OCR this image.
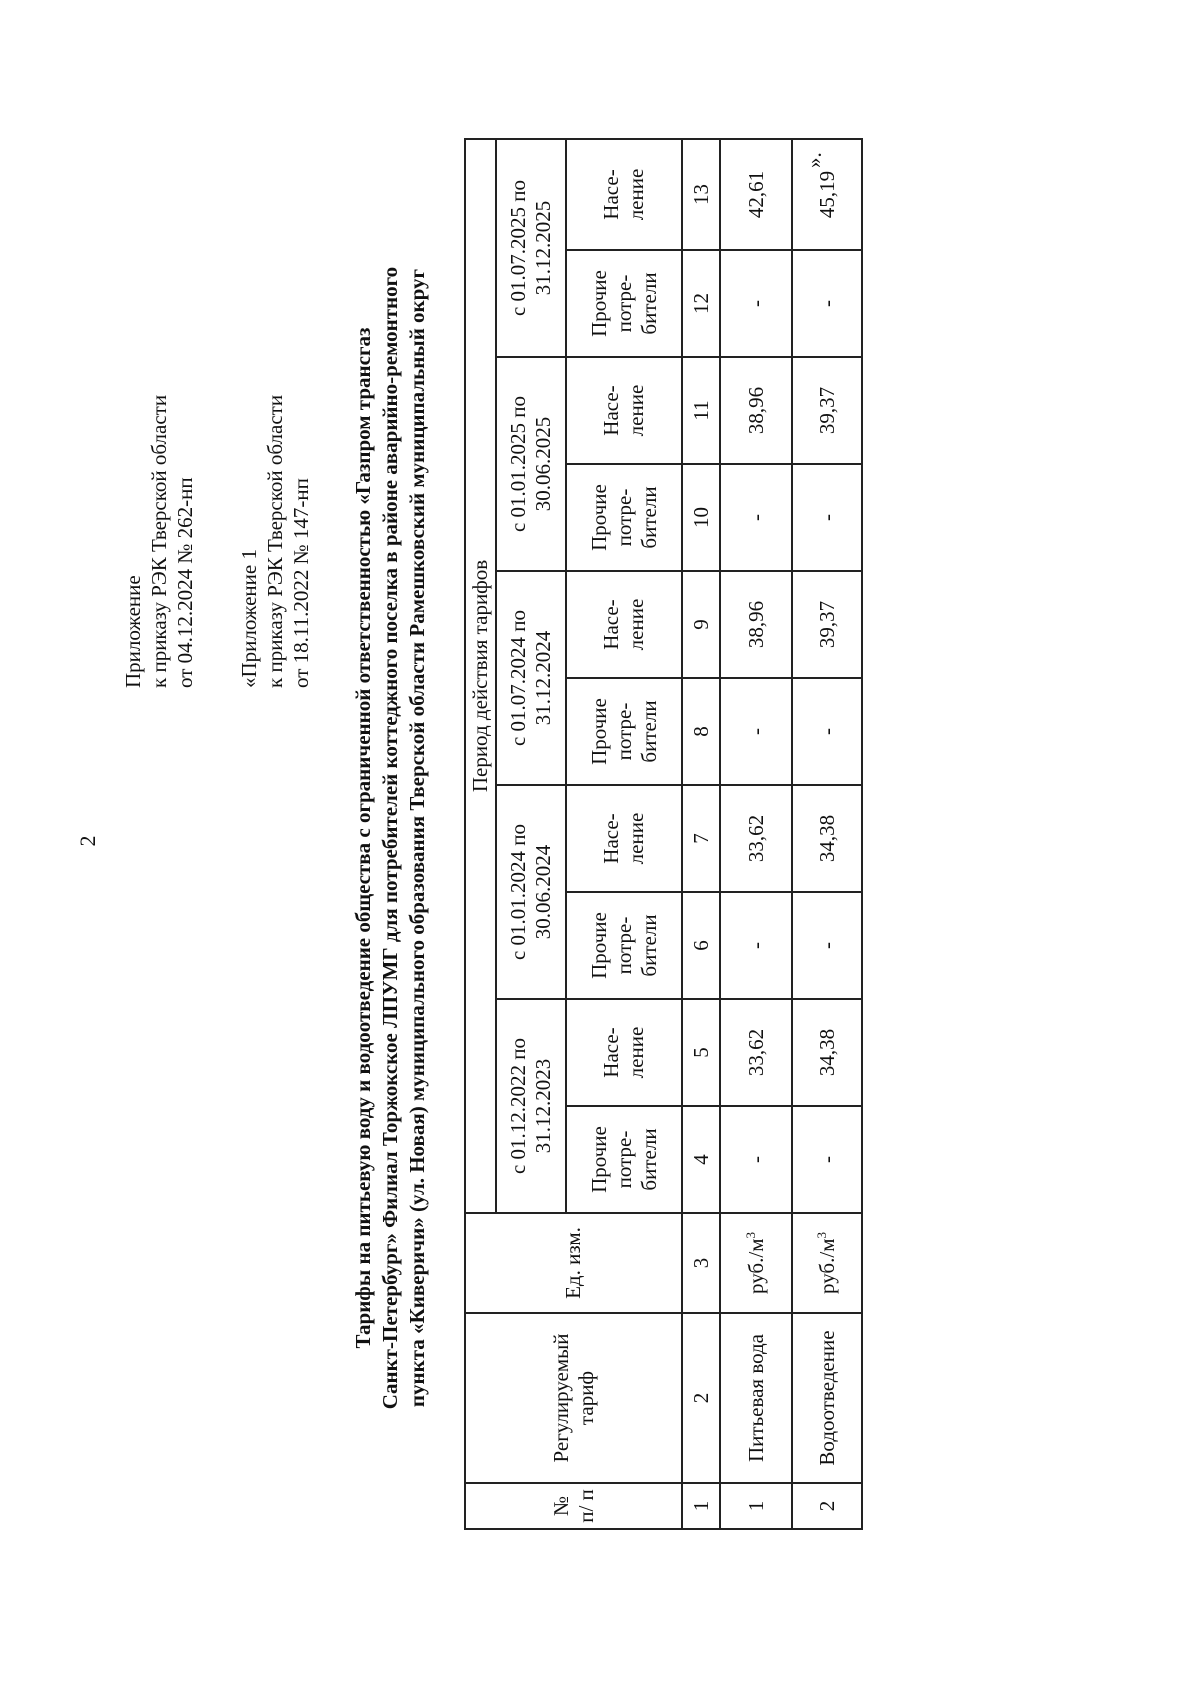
2
Приложение к приказу РЭК Тверской области от 04.12.2024 № 262-нп «Приложение 1 к приказу РЭК Тверской области от 18.11.2022 № 147-нп Тарифы на питьевую воду и водоотведение общества с ограниченной ответственностью «Газпром трансгаз Санкт-Петербург» Филиал Торжокское ЛПУМГ для потребителей коттеджного поселка в районе аварийно-ремонтного пункта «Киверичи» (ул. Новая) муниципального образования Тверской области Рамешковский муниципальный округ
№ п/ п	Регулируемый тариф	Ед. изм.	Период действия тарифов									
			с 01.12.2022 по 31.12.2023		с 01.01.2024 по 30.06.2024		с 01.07.2024 по 31.12.2024		с 01.01.2025 по 30.06.2025		с 01.07.2025 по 31.12.2025	
			Прочие потре-бители	Насе-ление	Прочие потре-бители	Насе-ление	Прочие потре-бители	Насе-ление	Прочие потре-бители	Насе-ление	Прочие потре-бители	Насе-ление
1	2	3	4	5	6	7	8	9	10	11	12	13
1	Питьевая вода	$руб./м^3$	-	33,62	-	33,62	-	38,96	-	38,96	-	42,61
2	Водоотведение	$руб./м^3$	-	34,38	-	34,38	-	39,37	-	39,37	-	45,19
».
